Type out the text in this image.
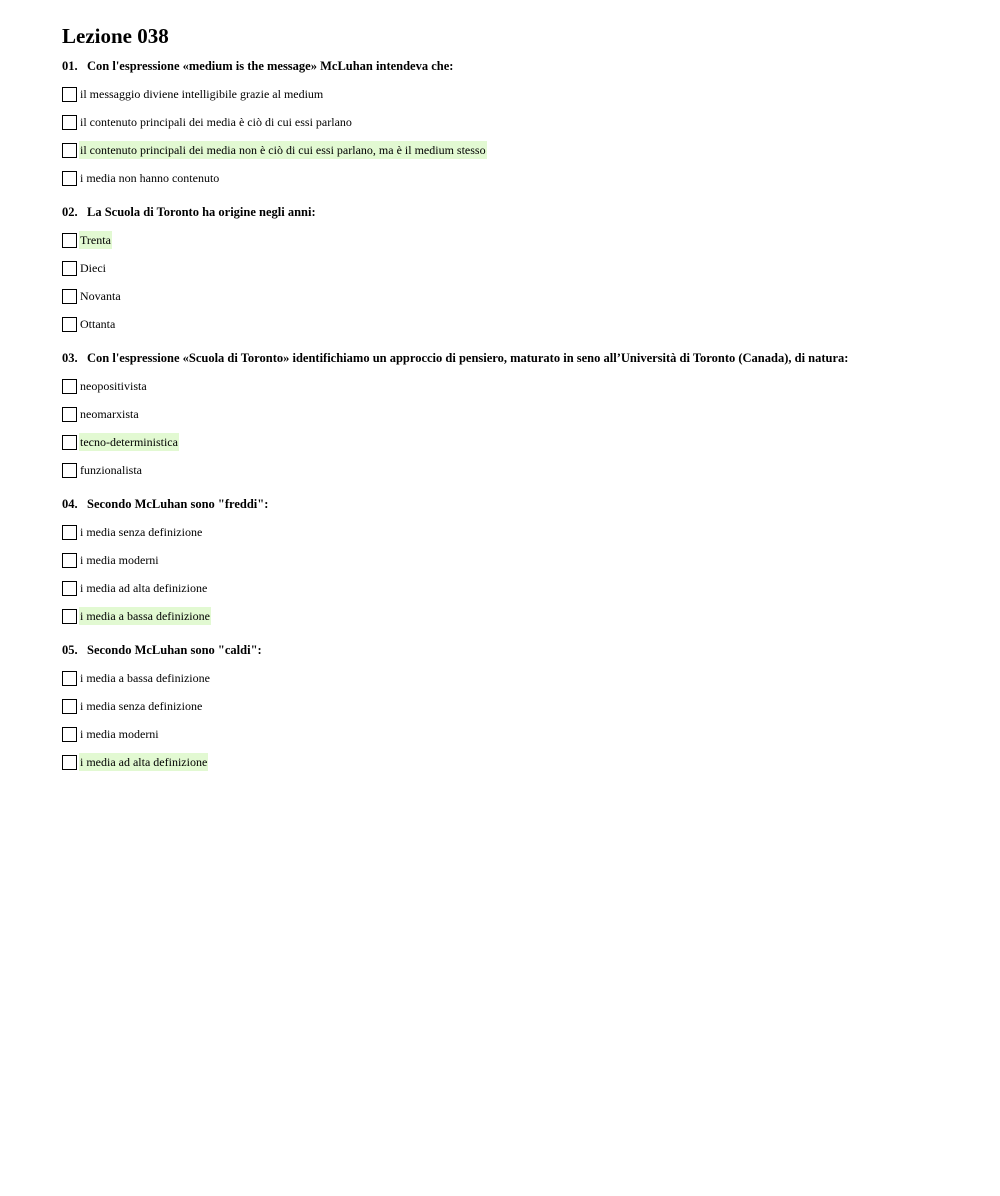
Lezione 038
01. Con l'espressione «medium is the message» McLuhan intendeva che:
il messaggio diviene intelligibile grazie al medium
il contenuto principali dei media è ciò di cui essi parlano
il contenuto principali dei media non è ciò di cui essi parlano, ma è il medium stesso
i media non hanno contenuto
02. La Scuola di Toronto ha origine negli anni:
Trenta
Dieci
Novanta
Ottanta
03. Con l'espressione «Scuola di Toronto» identifichiamo un approccio di pensiero, maturato in seno all’Università di Toronto (Canada), di natura:
neopositivista
neomarxista
tecno-deterministica
funzionalista
04. Secondo McLuhan sono "freddi":
i media senza definizione
i media moderni
i media ad alta definizione
i media a bassa definizione
05. Secondo McLuhan sono "caldi":
i media a bassa definizione
i media senza definizione
i media moderni
i media ad alta definizione
